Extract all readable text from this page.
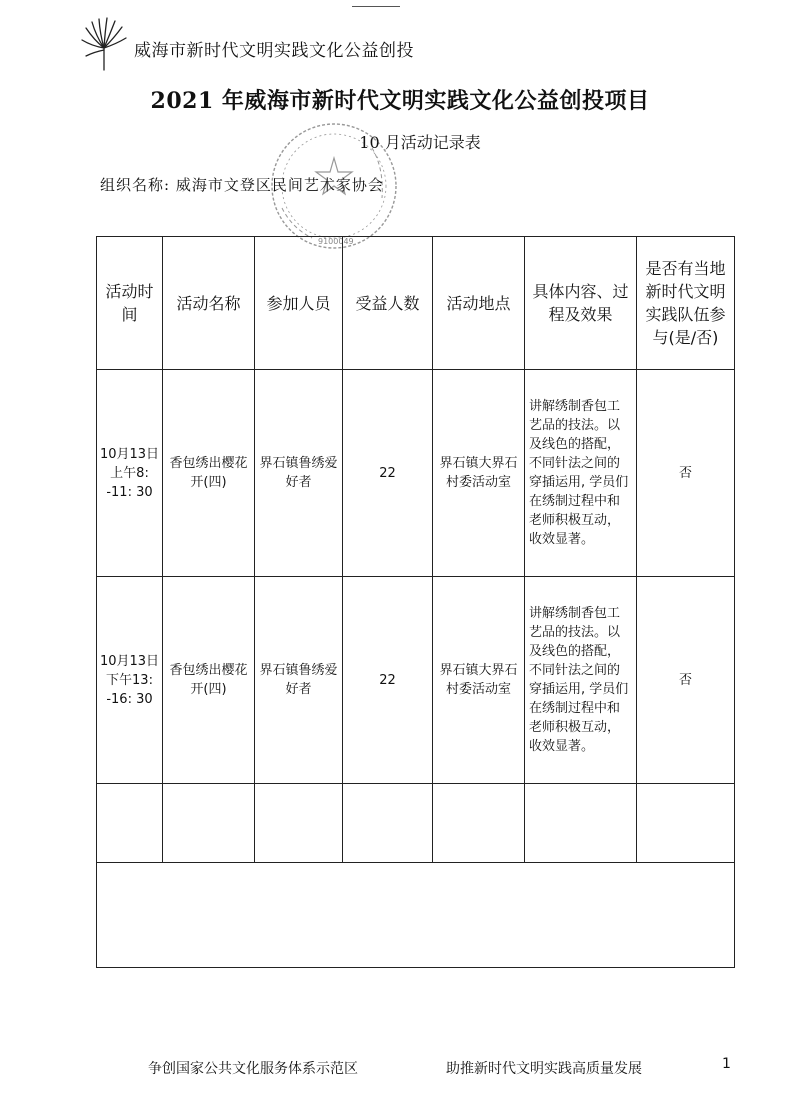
威海市新时代文明实践文化公益创投
2021 年威海市新时代文明实践文化公益创投项目
10 月活动记录表
组织名称: 威海市文登区民间艺术家协会
9100049
活动时间	活动名称	参加人员	受益人数	活动地点	具体内容、过程及效果	是否有当地新时代文明实践队伍参与(是/否)
10月13日上午8: -11: 30	香包绣出樱花开(四)	界石镇鲁绣爱好者	22	界石镇大界石村委活动室	讲解绣制香包工艺品的技法。以及线色的搭配，不同针法之间的穿插运用, 学员们在绣制过程中和老师积极互动，收效显著。	否
10月13日下午13: -16: 30	香包绣出樱花开(四)	界石镇鲁绣爱好者	22	界石镇大界石村委活动室	讲解绣制香包工艺品的技法。以及线色的搭配，不同针法之间的穿插运用, 学员们在绣制过程中和老师积极互动，收效显著。	否

争创国家公共文化服务体系示范区	助推新时代文明实践高质量发展	1
